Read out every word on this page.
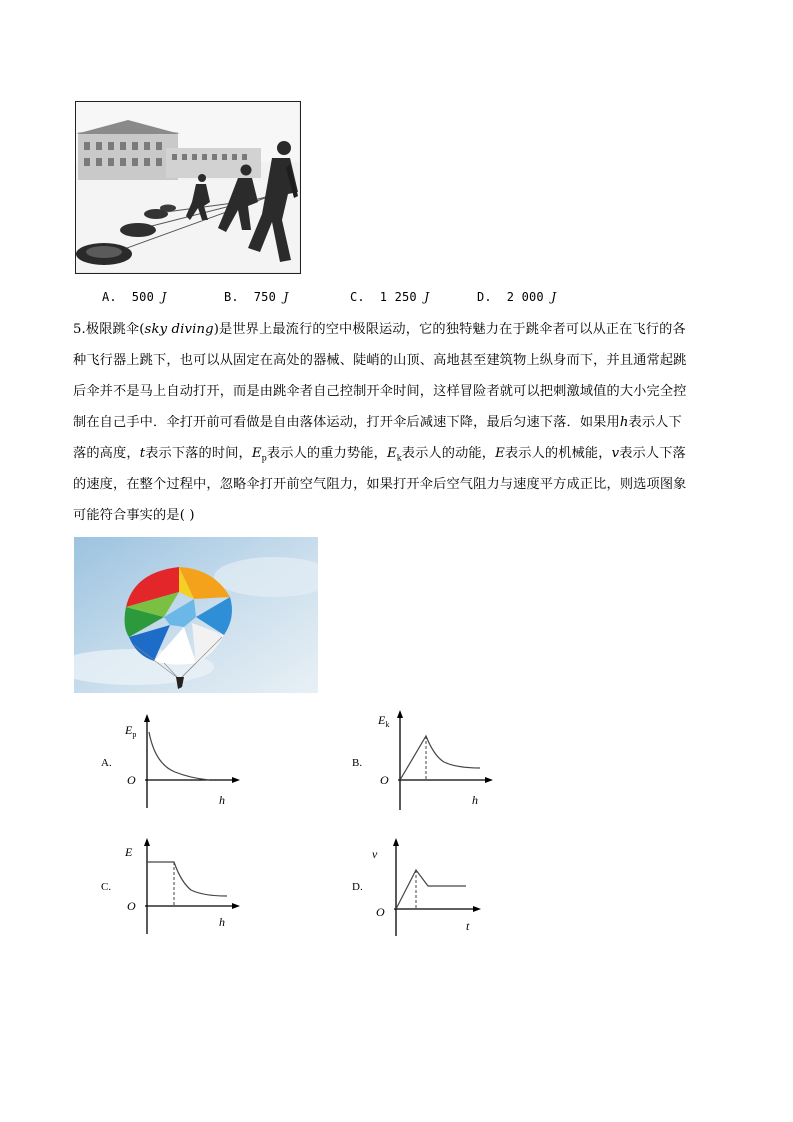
A. 500 J	B. 750 J	C. 1 250 J	D. 2 000 J
5.极限跳伞(sky diving)是世界上最流行的空中极限运动，它的独特魅力在于跳伞者可以从正在飞行的各
种飞行器上跳下，也可以从固定在高处的器械、陡峭的山顶、高地甚至建筑物上纵身而下，并且通常起跳
后伞并不是马上自动打开，而是由跳伞者自己控制开伞时间，这样冒险者就可以把刺激域值的大小完全控
制在自己手中．伞打开前可看做是自由落体运动，打开伞后减速下降，最后匀速下落．如果用h表示人下
落的高度，t表示下落的时间，$E_p$表示人的重力势能，$E_k$表示人的动能，E表示人的机械能，v表示人下落
的速度，在整个过程中，忽略伞打开前空气阻力，如果打开伞后空气阻力与速度平方成正比，则选项图象
可能符合事实的是( )
A.
$E_p$
O
h
B.
$E_k$
O
h
C.
E
O
h
D.
v
O
t
